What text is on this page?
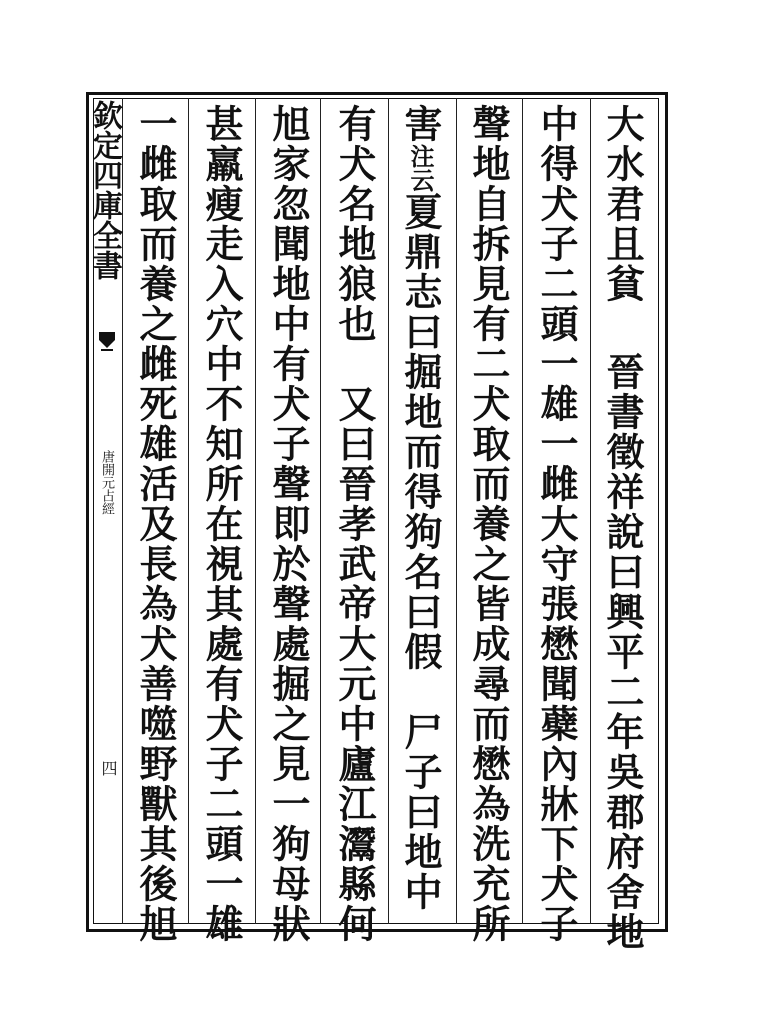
欽定四庫全書
唐開元占經
四
大水君且貧晉書徵祥說曰興平二年吳郡府舍地
中得犬子二頭一雄一雌大守張懋聞蘗內牀下犬子
聲地自拆見有二犬取而養之皆成尋而懋為洗充所
害注云夏鼎志曰掘地而得狗名曰假　尸子曰地中
有犬名地狼也　又曰晉孝武帝大元中廬江灊縣何
旭家忽聞地中有犬子聲即於聲處掘之見一狗母狀
甚羸瘦走入穴中不知所在視其處有犬子二頭一雄
一雌取而養之雌死雄活及長為犬善噬野獸其後旭
